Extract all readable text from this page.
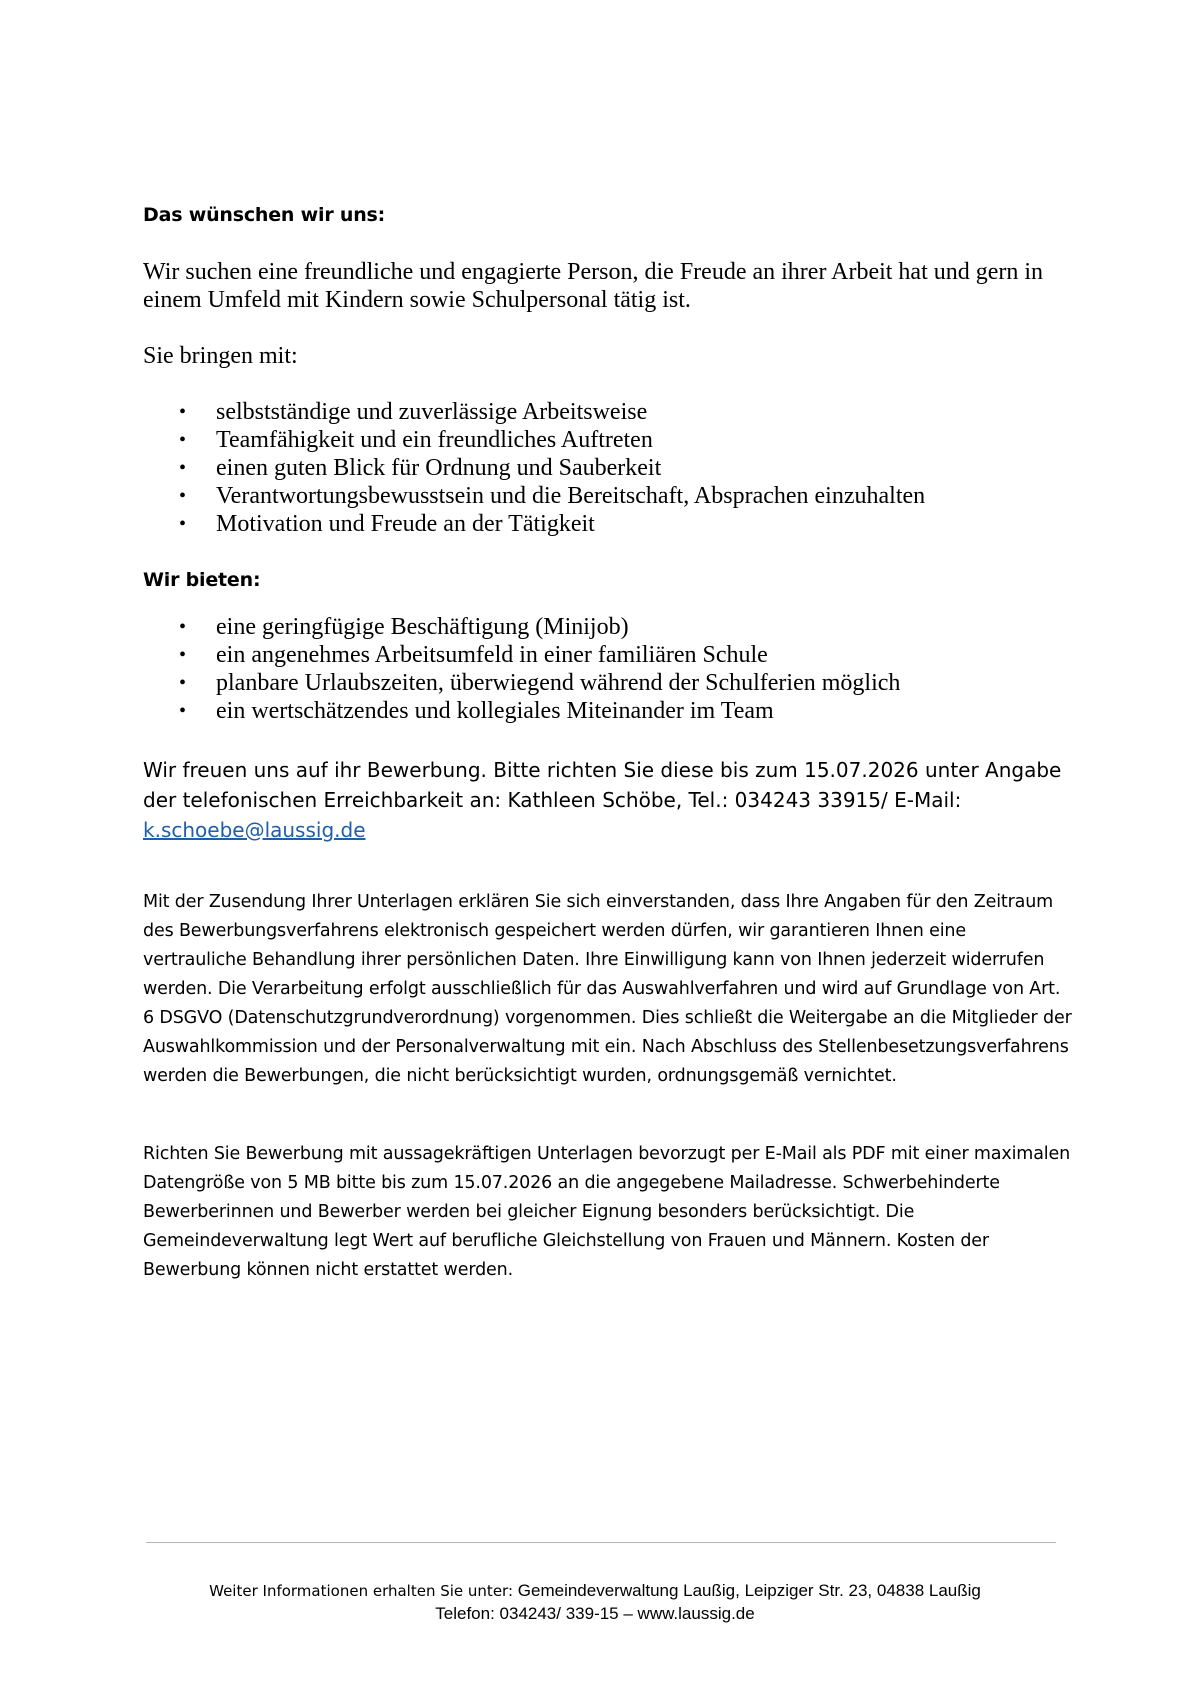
Das wünschen wir uns:
Wir suchen eine freundliche und engagierte Person, die Freude an ihrer Arbeit hat und gern in einem Umfeld mit Kindern sowie Schulpersonal tätig ist.
Sie bringen mit:
• selbstständige und zuverlässige Arbeitsweise
• Teamfähigkeit und ein freundliches Auftreten
• einen guten Blick für Ordnung und Sauberkeit
• Verantwortungsbewusstsein und die Bereitschaft, Absprachen einzuhalten
• Motivation und Freude an der Tätigkeit
Wir bieten:
• eine geringfügige Beschäftigung (Minijob)
• ein angenehmes Arbeitsumfeld in einer familiären Schule
• planbare Urlaubszeiten, überwiegend während der Schulferien möglich
• ein wertschätzendes und kollegiales Miteinander im Team
Wir freuen uns auf ihr Bewerbung. Bitte richten Sie diese bis zum 15.07.2026 unter Angabe der telefonischen Erreichbarkeit an: Kathleen Schöbe, Tel.: 034243 33915/ E-Mail:
k.schoebe@laussig.de
Mit der Zusendung Ihrer Unterlagen erklären Sie sich einverstanden, dass Ihre Angaben für den Zeitraum des Bewerbungsverfahrens elektronisch gespeichert werden dürfen, wir garantieren Ihnen eine vertrauliche Behandlung ihrer persönlichen Daten. Ihre Einwilligung kann von Ihnen jederzeit widerrufen werden. Die Verarbeitung erfolgt ausschließlich für das Auswahlverfahren und wird auf Grundlage von Art. 6 DSGVO (Datenschutzgrundverordnung) vorgenommen. Dies schließt die Weitergabe an die Mitglieder der Auswahlkommission und der Personalverwaltung mit ein. Nach Abschluss des Stellenbesetzungsverfahrens werden die Bewerbungen, die nicht berücksichtigt wurden, ordnungsgemäß vernichtet.
Richten Sie Bewerbung mit aussagekräftigen Unterlagen bevorzugt per E-Mail als PDF mit einer maximalen Datengröße von 5 MB bitte bis zum 15.07.2026 an die angegebene Mailadresse. Schwerbehinderte Bewerberinnen und Bewerber werden bei gleicher Eignung besonders berücksichtigt. Die Gemeindeverwaltung legt Wert auf berufliche Gleichstellung von Frauen und Männern. Kosten der Bewerbung können nicht erstattet werden.
Weiter Informationen erhalten Sie unter: Gemeindeverwaltung Laußig, Leipziger Str. 23, 04838 Laußig
Telefon: 034243/ 339-15 – www.laussig.de
